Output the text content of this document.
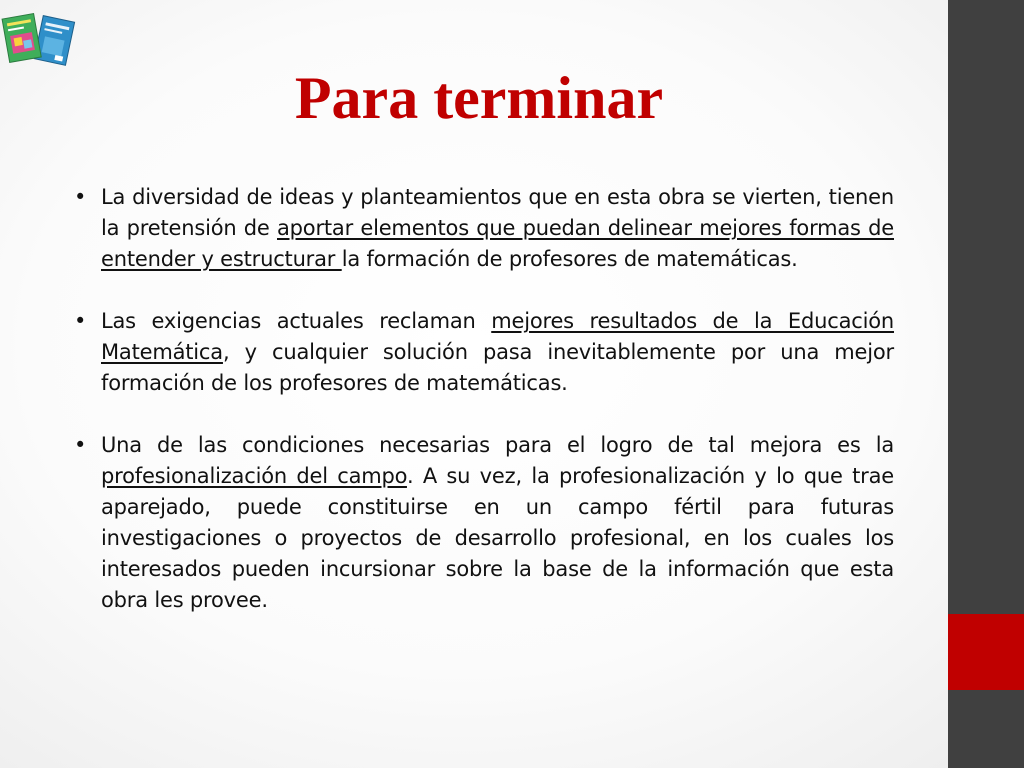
Para terminar
• La diversidad de ideas y planteamientos que en esta obra se vierten, tienen la pretensión de aportar elementos que puedan delinear mejores formas de entender y estructurar la formación de profesores de matemáticas.
• Las exigencias actuales reclaman mejores resultados de la Educación Matemática, y cualquier solución pasa inevitablemente por una mejor formación de los profesores de matemáticas.
• Una de las condiciones necesarias para el logro de tal mejora es la profesionalización del campo. A su vez, la profesionalización y lo que trae aparejado, puede constituirse en un campo fértil para futuras investigaciones o proyectos de desarrollo profesional, en los cuales los interesados pueden incursionar sobre la base de la información que esta obra les provee.
